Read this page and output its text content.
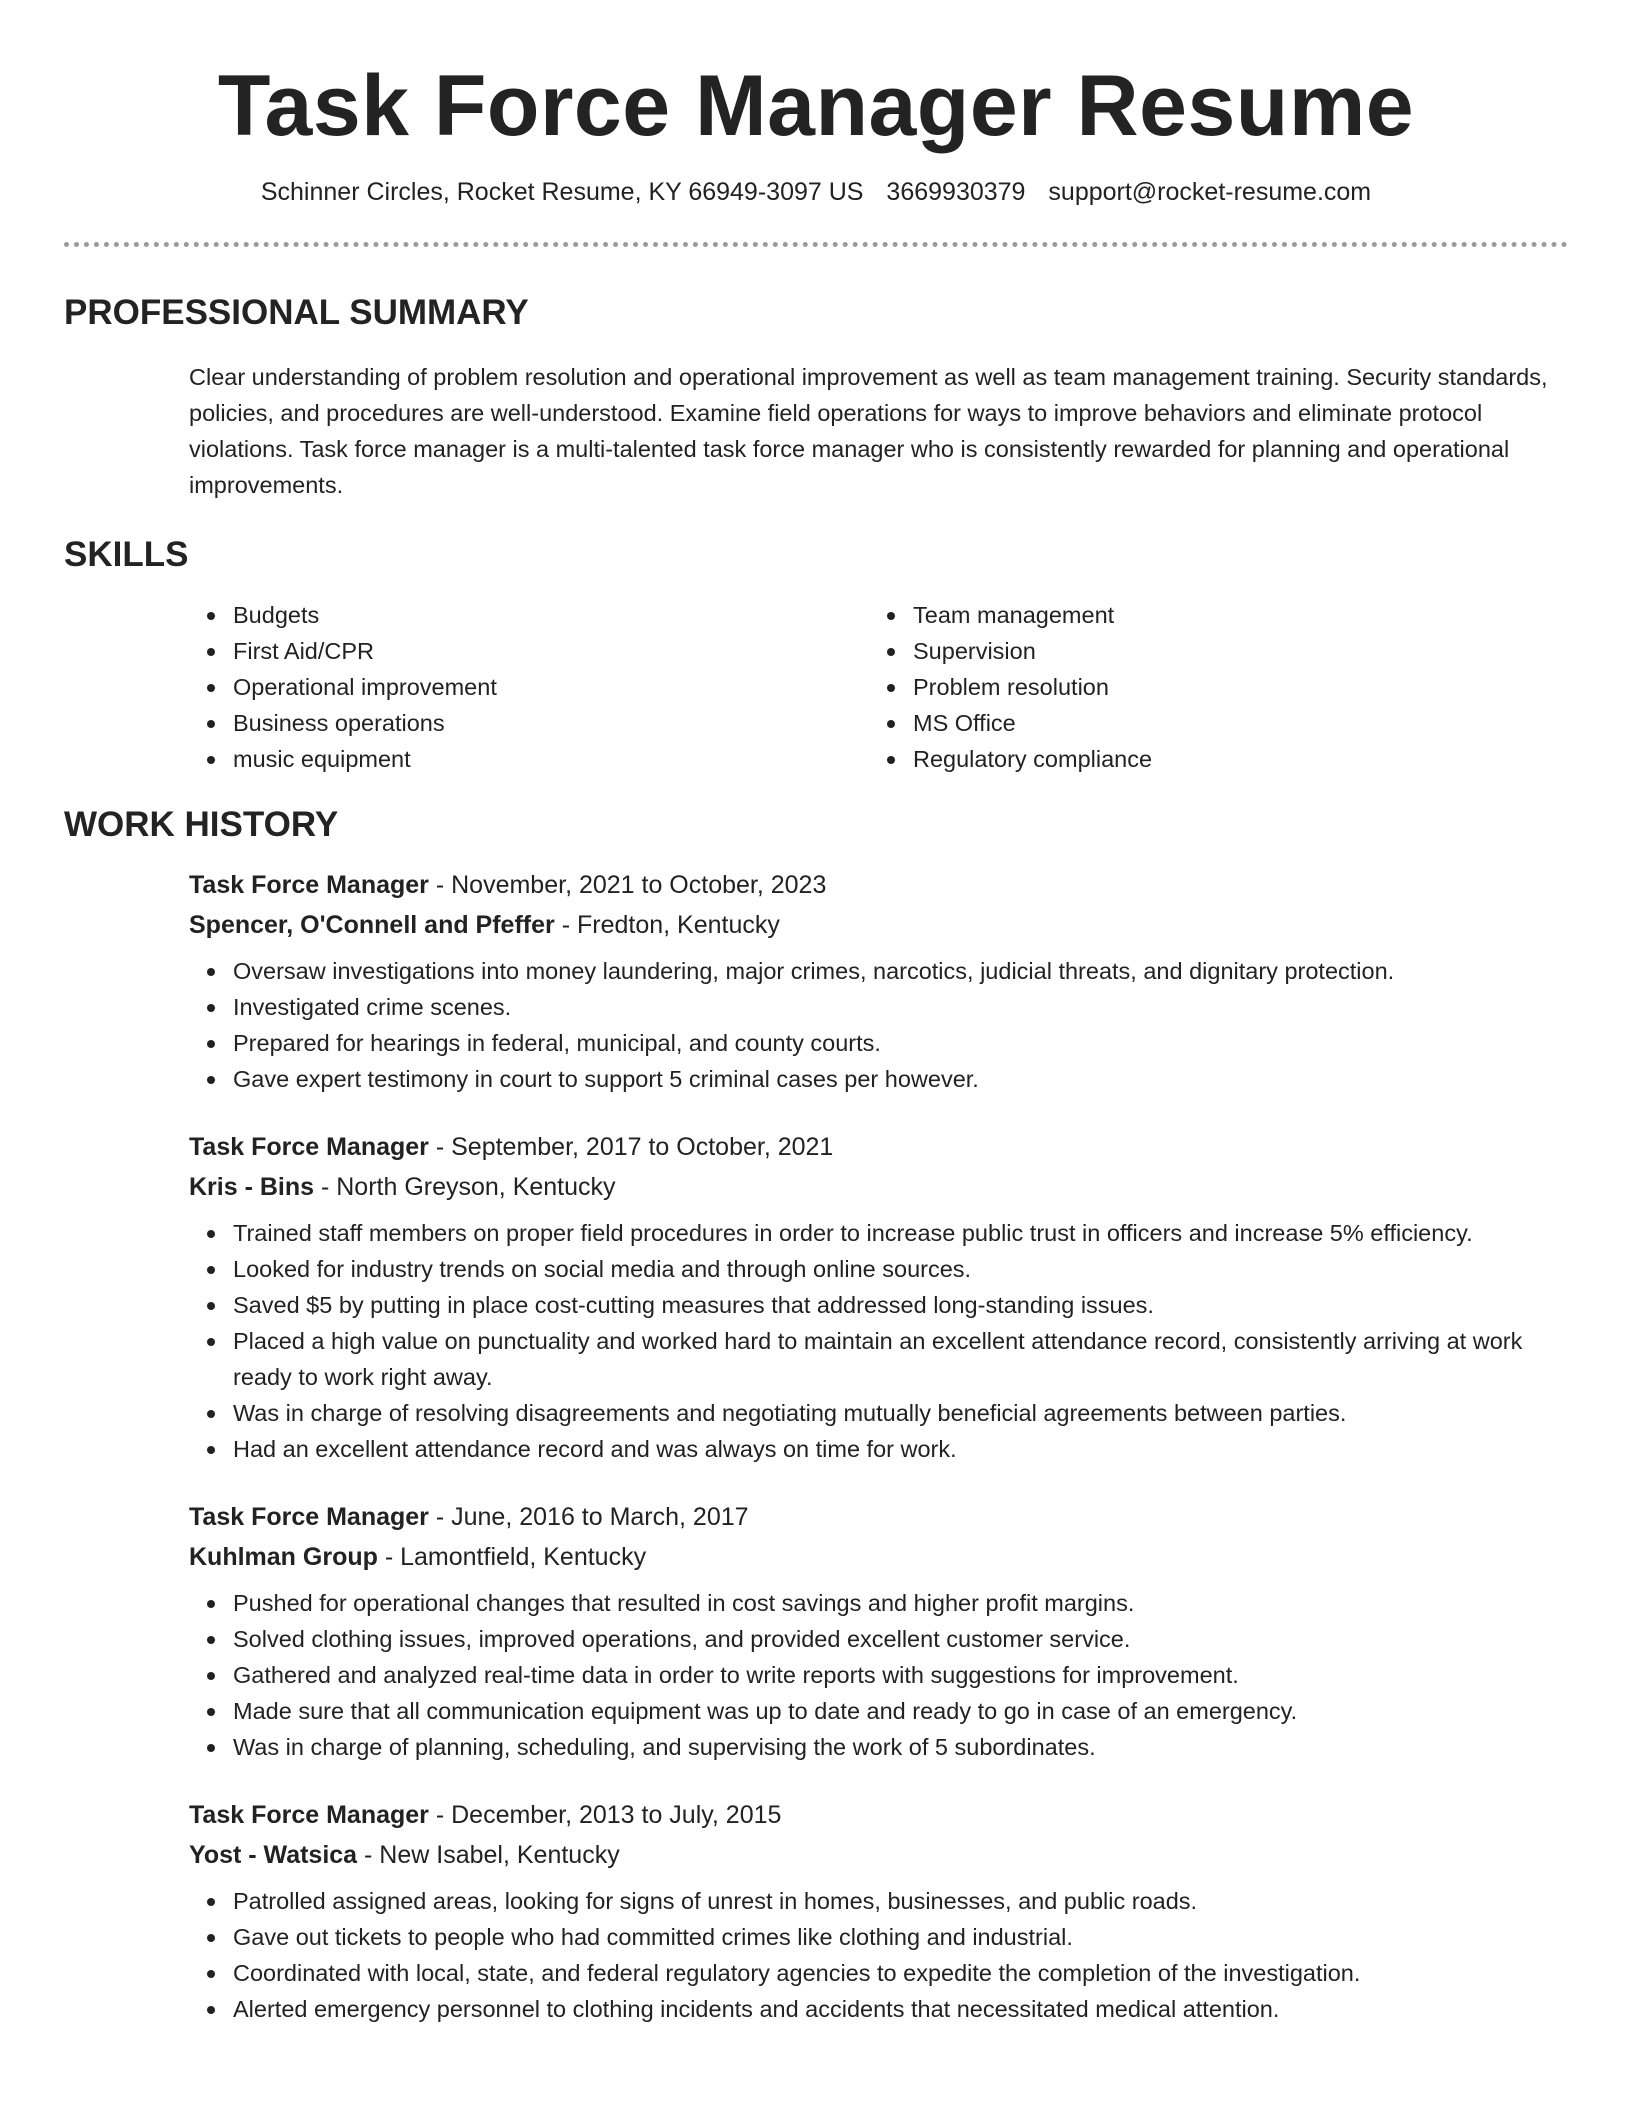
Task Force Manager Resume
Schinner Circles, Rocket Resume, KY 66949-3097 US 3669930379 support@rocket-resume.com
PROFESSIONAL SUMMARY

Clear understanding of problem resolution and operational improvement as well as team management training. Security standards, policies, and procedures are well-understood. Examine field operations for ways to improve behaviors and eliminate protocol violations. Task force manager is a multi-talented task force manager who is consistently rewarded for planning and operational improvements.

SKILLS
Budgets
First Aid/CPR
Operational improvement
Business operations
music equipment
Team management
Supervision
Problem resolution
MS Office
Regulatory compliance
WORK HISTORY
Task Force Manager - November, 2021 to October, 2023
Spencer, O'Connell and Pfeffer - Fredton, Kentucky
Oversaw investigations into money laundering, major crimes, narcotics, judicial threats, and dignitary protection.
Investigated crime scenes.
Prepared for hearings in federal, municipal, and county courts.
Gave expert testimony in court to support 5 criminal cases per however.
Task Force Manager - September, 2017 to October, 2021
Kris - Bins - North Greyson, Kentucky
Trained staff members on proper field procedures in order to increase public trust in officers and increase 5% efficiency.
Looked for industry trends on social media and through online sources.
Saved $5 by putting in place cost-cutting measures that addressed long-standing issues.
Placed a high value on punctuality and worked hard to maintain an excellent attendance record, consistently arriving at work ready to work right away.
Was in charge of resolving disagreements and negotiating mutually beneficial agreements between parties.
Had an excellent attendance record and was always on time for work.
Task Force Manager - June, 2016 to March, 2017
Kuhlman Group - Lamontfield, Kentucky
Pushed for operational changes that resulted in cost savings and higher profit margins.
Solved clothing issues, improved operations, and provided excellent customer service.
Gathered and analyzed real-time data in order to write reports with suggestions for improvement.
Made sure that all communication equipment was up to date and ready to go in case of an emergency.
Was in charge of planning, scheduling, and supervising the work of 5 subordinates.
Task Force Manager - December, 2013 to July, 2015
Yost - Watsica - New Isabel, Kentucky
Patrolled assigned areas, looking for signs of unrest in homes, businesses, and public roads.
Gave out tickets to people who had committed crimes like clothing and industrial.
Coordinated with local, state, and federal regulatory agencies to expedite the completion of the investigation.
Alerted emergency personnel to clothing incidents and accidents that necessitated medical attention.
